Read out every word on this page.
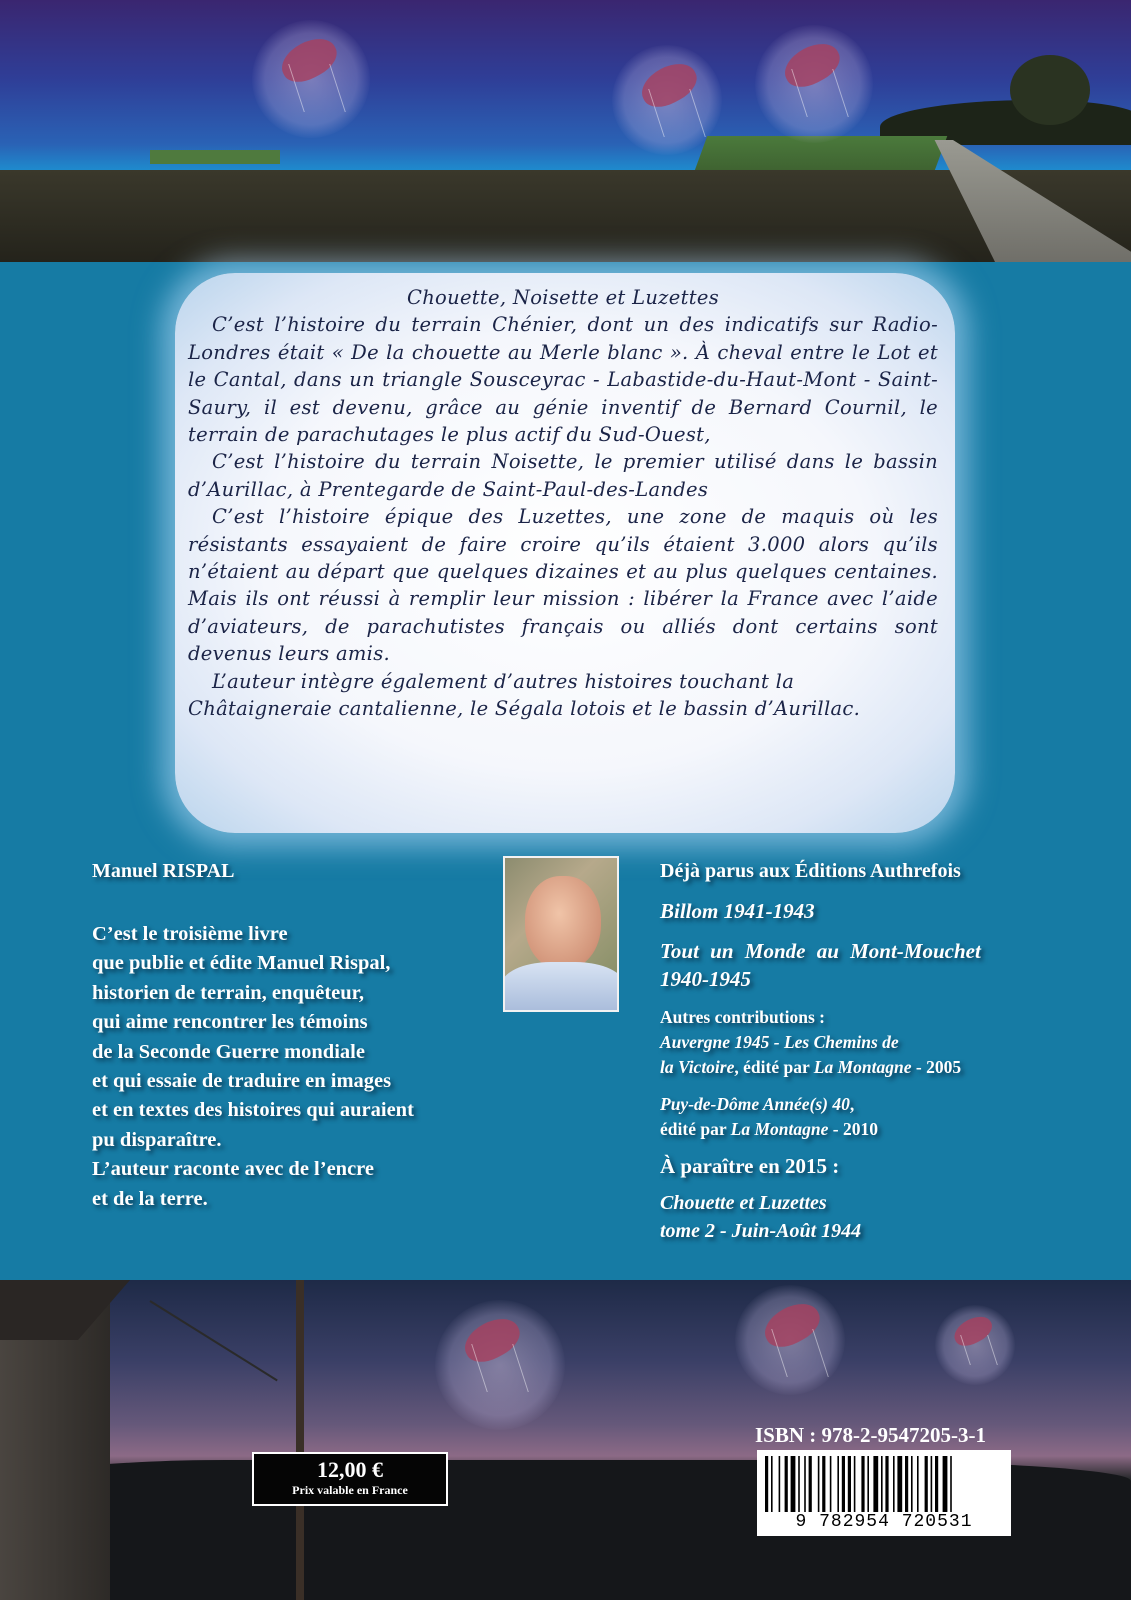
Chouette, Noisette et Luzettes

C’est l’histoire du terrain Chénier, dont un des indicatifs sur Radio-Londres était « De la chouette au Merle blanc ». À cheval entre le Lot et le Cantal, dans un triangle Sousceyrac - Labastide-du-Haut-Mont - Saint-Saury, il est devenu, grâce au génie inventif de Bernard Cournil, le terrain de parachutages le plus actif du Sud-Ouest,

C’est l’histoire du terrain Noisette, le premier utilisé dans le bassin d’Aurillac, à Prentegarde de Saint-Paul-des-Landes

C’est l’histoire épique des Luzettes, une zone de maquis où les résistants essayaient de faire croire qu’ils étaient 3.000 alors qu’ils n’étaient au départ que quelques dizaines et au plus quelques centaines. Mais ils ont réussi à remplir leur mission : libérer la France avec l’aide d’aviateurs, de parachutistes français ou alliés dont certains sont devenus leurs amis.

L’auteur intègre également d’autres histoires touchant la Châtaigneraie cantalienne, le Ségala lotois et le bassin d’Aurillac.

Manuel RISPAL
C’est le troisième livre
que publie et édite Manuel Rispal,
historien de terrain, enquêteur,
qui aime rencontrer les témoins
de la Seconde Guerre mondiale
et qui essaie de traduire en images
et en textes des histoires qui auraient
pu disparaître.
L’auteur raconte avec de l’encre
et de la terre.
Déjà parus aux Éditions Authrefois
Billom 1941-1943
Tout un Monde au Mont-Mouchet
1940-1945
Autres contributions :
Auvergne 1945 - Les Chemins de
la Victoire, édité par La Montagne - 2005
Puy-de-Dôme Année(s) 40,
édité par La Montagne - 2010
À paraître en 2015 :
Chouette et Luzettes
tome 2 - Juin-Août 1944
12,00 €
Prix valable en France
ISBN : 978-2-9547205-3-1
9 782954 720531
